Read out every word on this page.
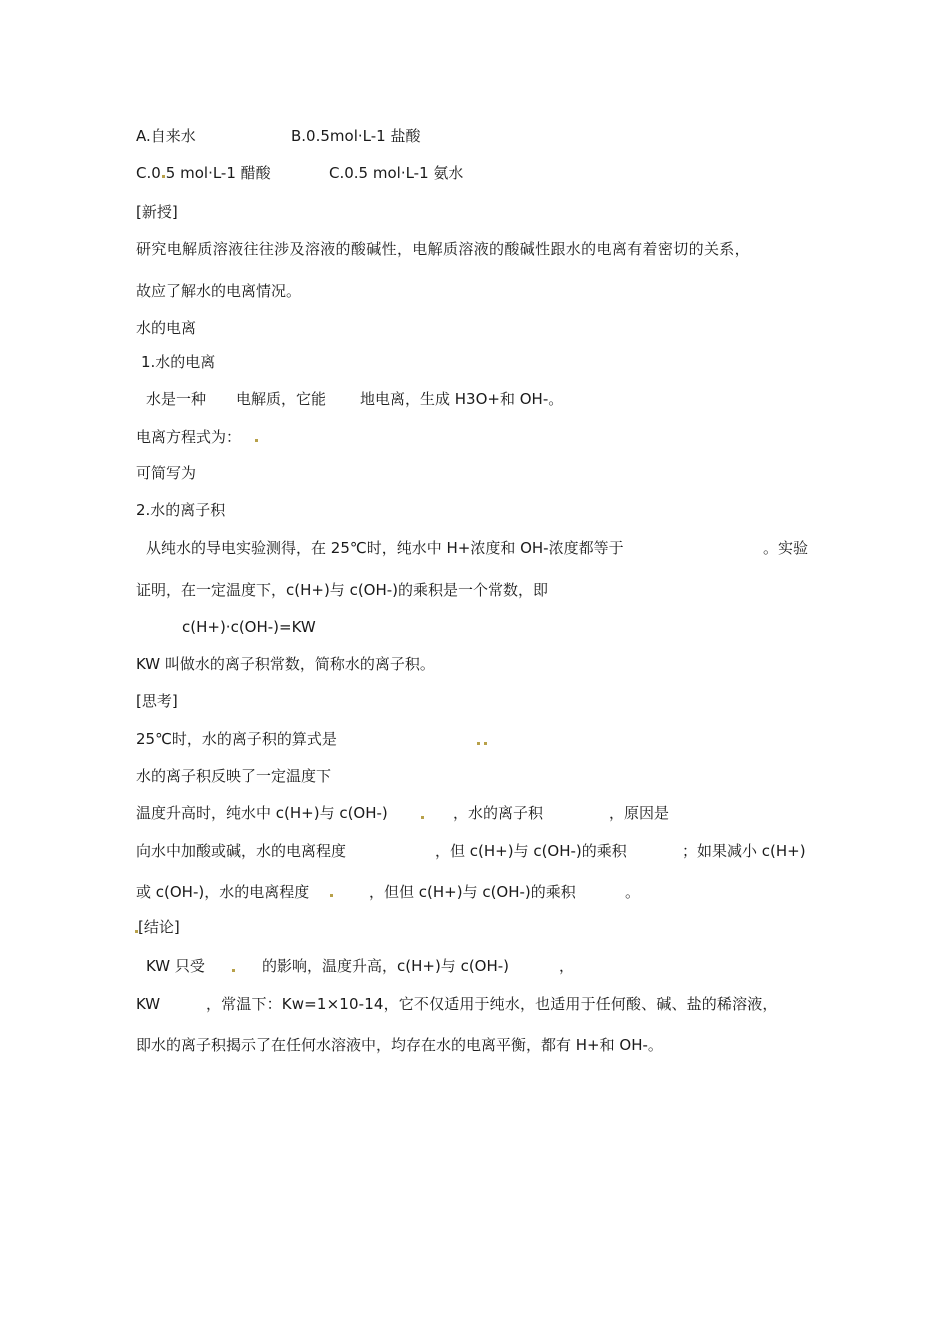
A.自来水	B.0.5mol·L-1 盐酸
C.0 5 mol·L-1 醋酸	C.0.5 mol·L-1 氨水
[新授]
研究电解质溶液往往涉及溶液的酸碱性，电解质溶液的酸碱性跟水的电离有着密切的关系，
故应了解水的电离情况。
水的电离
1.水的电离
水是一种 电解质，它能 地电离，生成 H3O+和 OH-。
电离方程式为：
可简写为
2.水的离子积
从纯水的导电实验测得，在 25℃时，纯水中 H+浓度和 OH-浓度都等于	。实验
证明，在一定温度下，c(H+)与 c(OH-)的乘积是一个常数，即
c(H+)·c(OH-)=KW
KW 叫做水的离子积常数，简称水的离子积。
[思考]
25℃时，水的离子积的算式是
水的离子积反映了一定温度下
温度升高时，纯水中 c(H+)与 c(OH-)	，水的离子积	，原因是
向水中加酸或碱，水的电离程度	，但 c(H+)与 c(OH-)的乘积	；如果减小 c(H+)
或 c(OH-)，水的电离程度	，但但 c(H+)与 c(OH-)的乘积	。
[结论]
KW 只受	的影响，温度升高，c(H+)与 c(OH-)	，
KW	，常温下：Kw=1×10-14，它不仅适用于纯水，也适用于任何酸、碱、盐的稀溶液，
即水的离子积揭示了在任何水溶液中，均存在水的电离平衡，都有 H+和 OH-。
